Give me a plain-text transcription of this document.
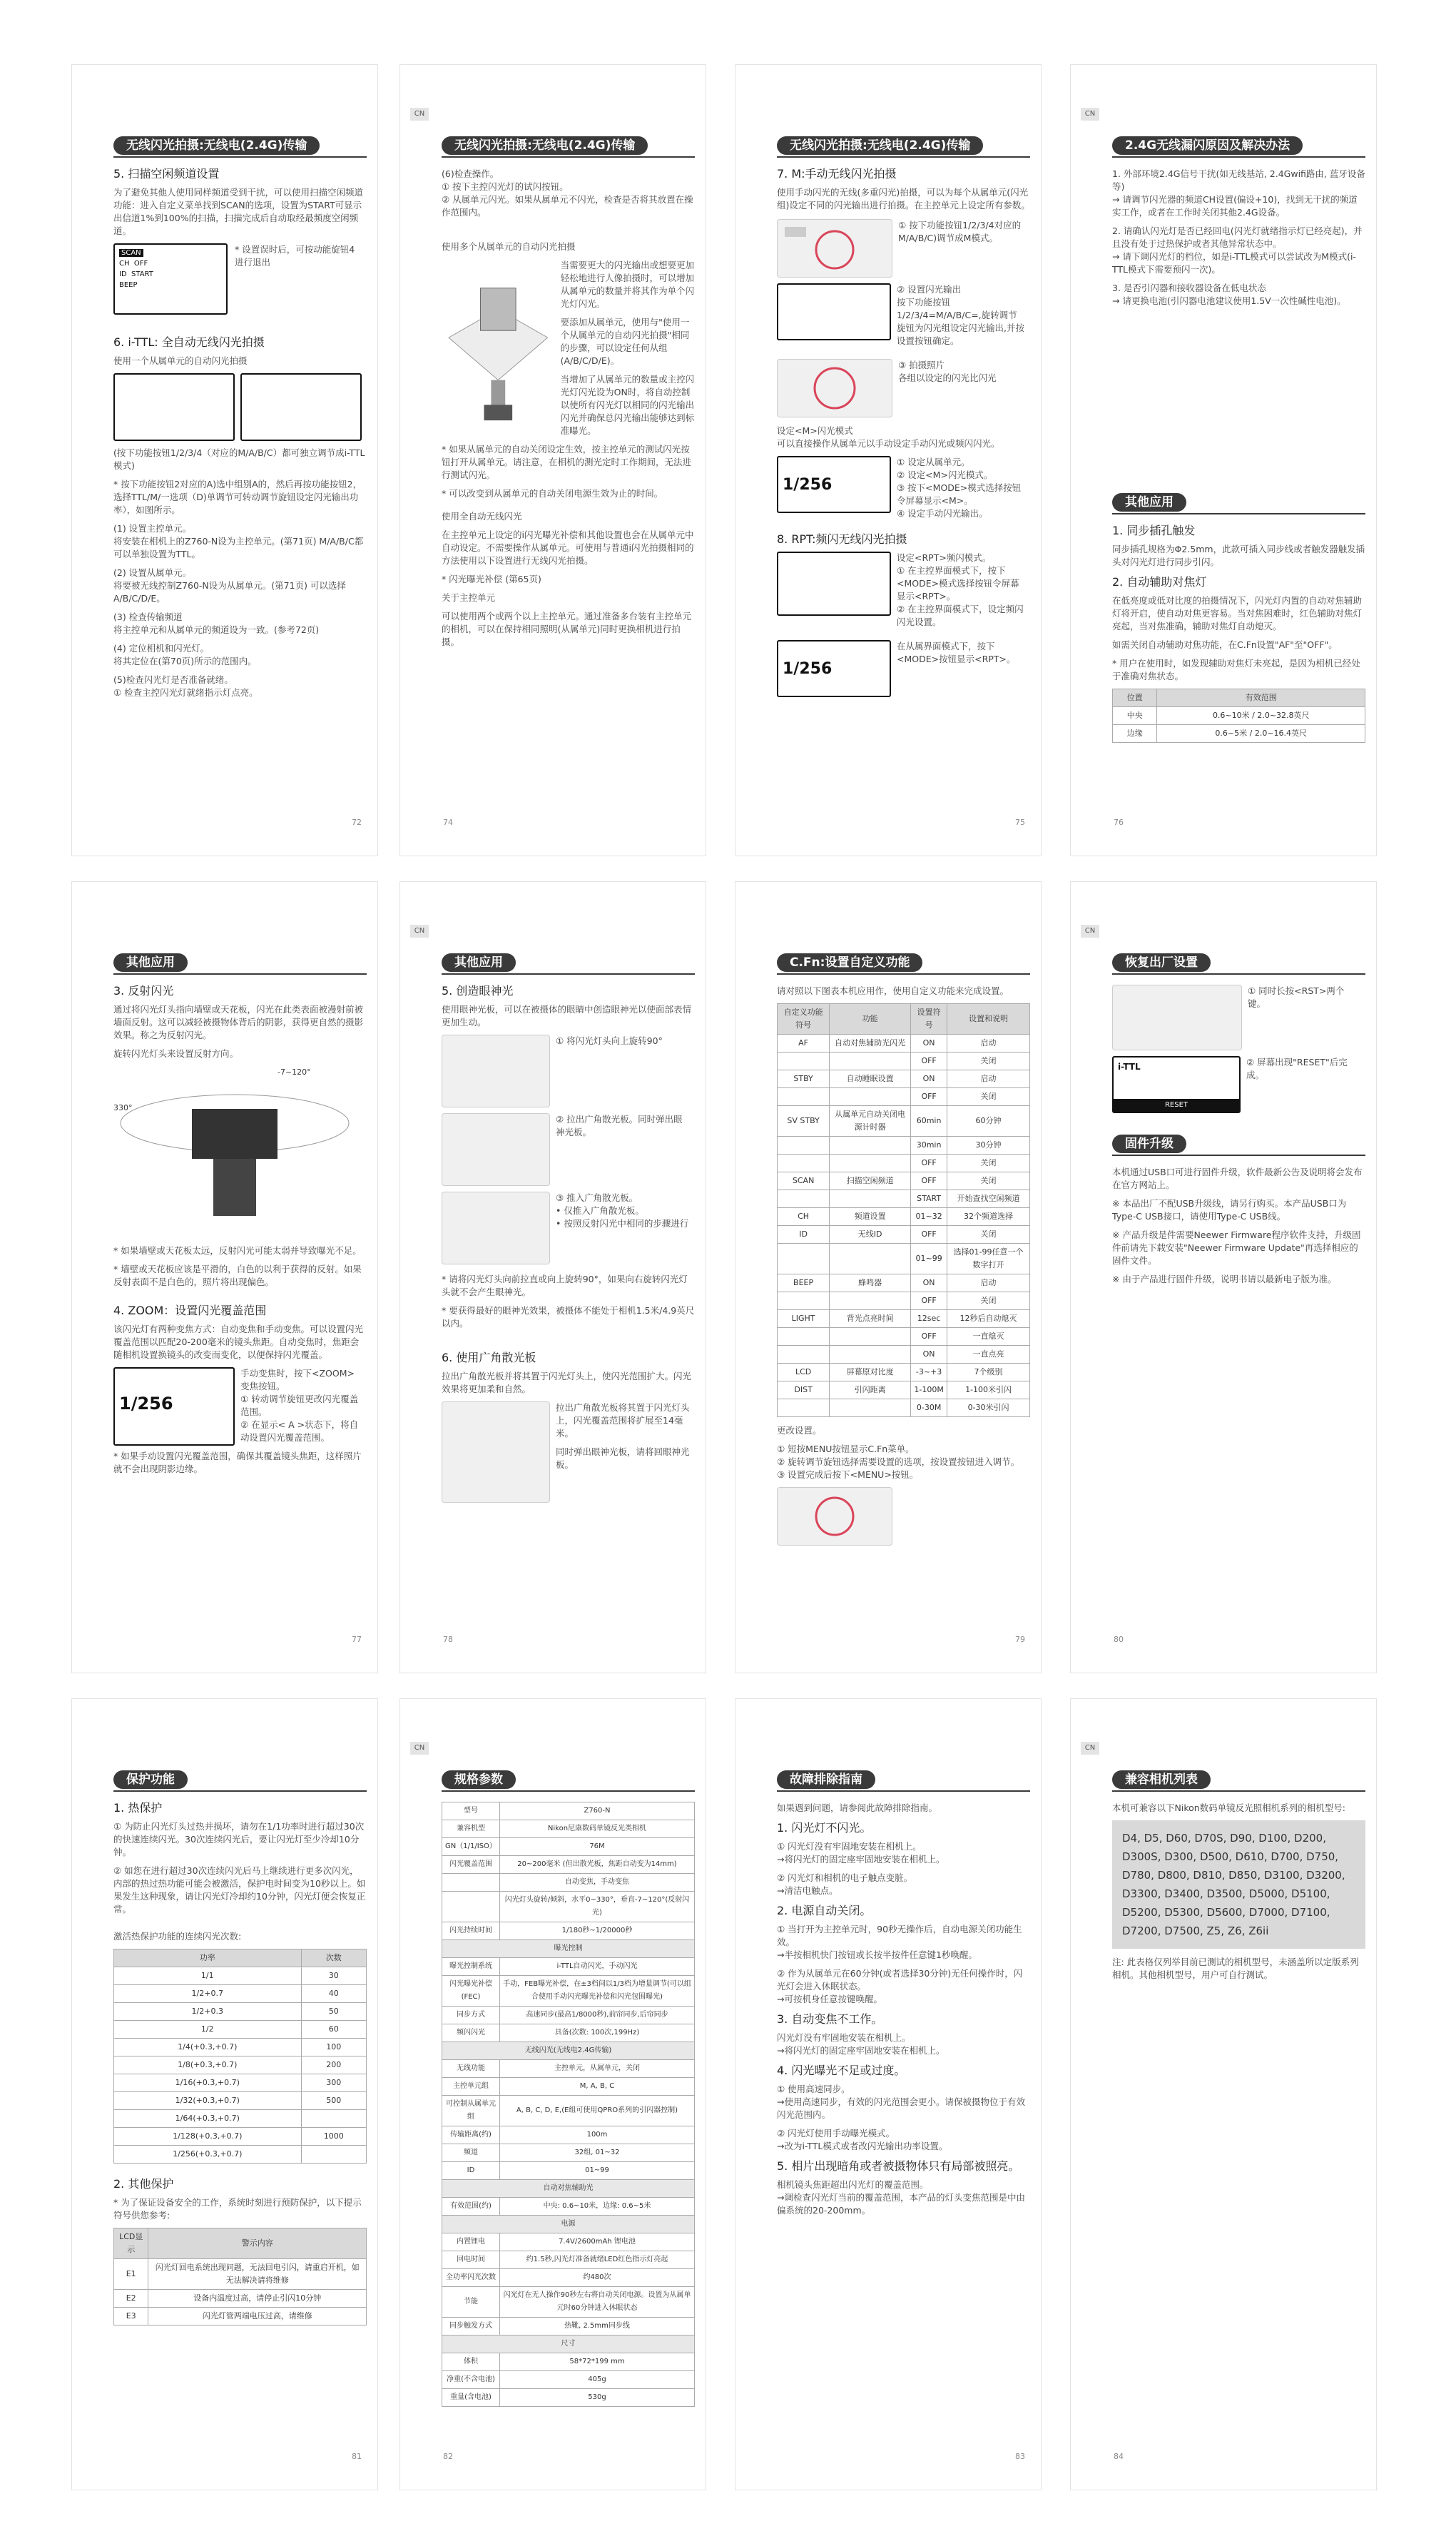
无线闪光拍摄:无线电(2.4G)传输
5. 扫描空闲频道设置

为了避免其他人使用同样频道受到干扰，可以使用扫描空闲频道功能：进入自定义菜单找到SCAN的选项，设置为START可显示出信道1%到100%的扫描，扫描完成后自动取经最频度空闲频道。

SCAN
CH OFF
ID START
BEEP

* 设置误时后，可按动能旋钮4进行退出

6. i-TTL: 全自动无线闪光拍摄

使用一个从属单元的自动闪光拍摄

(按下功能按钮1/2/3/4（对应的M/A/B/C）都可独立调节成i-TTL模式)

* 按下功能按钮2对应的A)选中组别A的，然后再按功能按钮2，选择TTL/M/一选项（D)单调节可转动调节旋钮设定闪光输出功率），如图所示。

(1) 设置主控单元。

将安装在相机上的Z760-N设为主控单元。(第71页) M/A/B/C都可以单独设置为TTL。

(2) 设置从属单元。

将要被无线控制Z760-N设为从属单元。(第71页) 可以选择A/B/C/D/E。

(3) 检查传输频道

将主控单元和从属单元的频道设为一致。(参考72页)

(4) 定位相机和闪光灯。

将其定位在(第70页)所示的范围内。

(5)检查闪光灯是否准备就绪。

① 检查主控闪光灯就绪指示灯点亮。

72
CN
无线闪光拍摄:无线电(2.4G)传输

(6)检查操作。

① 按下主控闪光灯的试闪按钮。

② 从属单元闪光。如果从属单元不闪光，检查是否将其放置在操作范围内。

使用多个从属单元的自动闪光拍摄

当需要更大的闪光输出或想要更加轻松地进行人像拍摄时，可以增加从属单元的数量并将其作为单个闪光灯闪光。

要添加从属单元，使用与"使用一个从属单元的自动闪光拍摄"相同的步骤，可以设定任何从组(A/B/C/D/E)。

当增加了从属单元的数量或主控闪光灯闪光设为ON时，将自动控制以使所有闪光灯以相同的闪光输出闪光并确保总闪光输出能够达到标准曝光。

* 如果从属单元的自动关闭设定生效，按主控单元的测试闪光按钮打开从属单元。请注意，在相机的测光定时工作期间，无法进行测试闪光。

* 可以改变到从属单元的自动关闭电源生效为止的时间。

使用全自动无线闪光

在主控单元上设定的i闪光曝光补偿和其他设置也会在从属单元中自动设定。不需要操作从属单元。可使用与普通i闪光拍摄相同的方法使用以下设置进行无线闪光拍摄。

* 闪光曝光补偿 (第65页)

关于主控单元

可以使用两个或两个以上主控单元。通过准备多台装有主控单元的相机，可以在保持相同照明(从属单元)同时更换相机进行拍摄。

74
无线闪光拍摄:无线电(2.4G)传输
7. M:手动无线闪光拍摄

使用手动闪光的无线(多重闪光)拍摄，可以为每个从属单元(闪光组)设定不同的闪光输出进行拍摄。在主控单元上设定所有参数。

① 按下功能按钮1/2/3/4对应的M/A/B/C)调节成M模式。

② 设置闪光输出

按下功能按钮1/2/3/4=M/A/B/C=,旋转调节旋钮为闪光组设定闪光输出,并按设置按钮确定。

③ 拍摄照片

各组以设定的闪光比闪光

设定<M>闪光模式

可以直接操作从属单元以手动设定手动闪光或频闪闪光。

1/256

① 设定从属单元。

② 设定<M>闪光模式。

③ 按下<MODE>模式选择按钮令屏幕显示<M>。

④ 设定手动闪光输出。

8. RPT:频闪无线闪光拍摄

设定<RPT>频闪模式。

① 在主控界面模式下，按下<MODE>模式选择按钮令屏幕显示<RPT>。

② 在主控界面模式下，设定频闪闪光设置。

1/256

在从属界面模式下，按下<MODE>按钮显示<RPT>。

75
CN
2.4G无线漏闪原因及解决办法

1. 外部环境2.4G信号干扰(如无线基站, 2.4Gwifi路由, 蓝牙设备等)

→ 请调节闪光器的频道CH设置(偏设+10)，找到无干扰的频道实工作，或者在工作时关闭其他2.4G设备。

2. 请确认闪光灯是否已经回电(闪光灯就绪指示灯已经亮起)，并且没有处于过热保护或者其他异常状态中。

→ 请下调闪光灯的档位，如是i-TTL模式可以尝试改为M模式(i-TTL模式下需要预闪一次)。

3. 是否引闪器和接收器设备在低电状态

→ 请更换电池(引闪器电池建议使用1.5V一次性碱性电池)。

其他应用
1. 同步插孔触发

同步插孔规格为Φ2.5mm，此款可插入同步线或者触发器触发插头对闪光灯进行同步引闪。

2. 自动辅助对焦灯

在低亮度或低对比度的拍摄情况下，闪光灯内置的自动对焦辅助灯将开启，使自动对焦更容易。当对焦困难时，红色辅助对焦灯亮起，当对焦准确，辅助对焦灯自动熄灭。

如需关闭自动辅助对焦功能，在C.Fn设置"AF"至"OFF"。

* 用户在使用时，如发现辅助对焦灯未亮起，是因为相机已经处于准确对焦状态。

位置	有效范围
中央	0.6~10米 / 2.0~32.8英尺
边缘	0.6~5米 / 2.0~16.4英尺
76
其他应用
3. 反射闪光

通过将闪光灯头指向墙壁或天花板，闪光在此类表面被漫射前被墙面反射。这可以减轻被摄物体背后的阴影，获得更自然的摄影效果。称之为反射闪光。

旋转闪光灯头来设置反射方向。

330°
-7~120°

* 如果墙壁或天花板太远，反射闪光可能太弱并导致曝光不足。

* 墙壁或天花板应该是平滑的，白色的以利于获得的反射。如果反射表面不是白色的，照片将出现偏色。

4. ZOOM：设置闪光覆盖范围

该闪光灯有两种变焦方式：自动变焦和手动变焦。可以设置闪光覆盖范围以匹配20-200毫米的镜头焦距。自动变焦时，焦距会随相机设置换镜头的改变而变化，以便保持闪光覆盖。

1/256

手动变焦时，按下<ZOOM>变焦按钮。

① 转动调节旋钮更改闪光覆盖范围。

② 在显示< A >状态下，将自动设置闪光覆盖范围。

* 如果手动设置闪光覆盖范围，确保其覆盖镜头焦距，这样照片就不会出现阴影边缘。

77
CN
其他应用
5. 创造眼神光

使用眼神光板，可以在被摄体的眼睛中创造眼神光以使面部表情更加生动。

① 将闪光灯头向上旋转90°

② 拉出广角散光板。同时弹出眼神光板。

③ 推入广角散光板。

• 仅推入广角散光板。

• 按照反射闪光中相同的步骤进行

* 请将闪光灯头向前拉直或向上旋转90°，如果向右旋转闪光灯头就不会产生眼神光。

* 要获得最好的眼神光效果，被摄体不能处于相机1.5米/4.9英尺以内。

6. 使用广角散光板

拉出广角散光板并将其置于闪光灯头上，使闪光范围扩大。闪光效果将更加柔和自然。

拉出广角散光板将其置于闪光灯头上，闪光覆盖范围将扩展至14毫米。

同时弹出眼神光板，请将回眼神光板。

78
C.Fn:设置自定义功能

请对照以下图表本机应用作，使用自定义功能来完成设置。

自定义功能符号	功能	设置符号	设置和说明
AF	自动对焦辅助光闪光	ON	启动
		OFF	关闭
STBY	自动睡眠设置	ON	启动
		OFF	关闭
SV STBY	从属单元自动关闭电源计时器	60min	60分钟
		30min	30分钟
		OFF	关闭
SCAN	扫描空闲频道	OFF	关闭
		START	开始查找空闲频道
CH	频道设置	01~32	32个频道选择
ID	无线ID	OFF	关闭
		01~99	选择01-99任意一个数字打开
BEEP	蜂鸣器	ON	启动
		OFF	关闭
LIGHT	背光点亮时间	12sec	12秒后自动熄灭
		OFF	一直熄灭
		ON	一直点亮
LCD	屏幕原对比度	-3~+3	7个级别
DIST	引闪距离	1-100M	1-100米引闪
		0-30M	0-30米引闪

更改设置。

① 短按MENU按钮显示C.Fn菜单。

② 旋转调节旋钮选择需要设置的选项，按设置按钮进入调节。

③ 设置完成后按下<MENU>按钮。

79
CN
恢复出厂设置

① 同时长按<RST>两个键。

i-TTL
RESET

② 屏幕出现"RESET"后完成。

固件升级

本机通过USB口可进行固件升级，软件最新公告及说明将会发布在官方网站上。

※ 本品出厂不配USB升级线，请另行购买。本产品USB口为Type-C USB接口，请使用Type-C USB线。

※ 产品升级是件需要Neewer Firmware程序软件支持，升级固件前请先下载安装"Neewer Firmware Update"再选择相应的固件文件。

※ 由于产品进行固件升级，说明书请以最新电子版为准。

80
保护功能
1. 热保护

① 为防止闪光灯头过热并损坏，请勿在1/1功率时进行超过30次的快速连续闪光。30次连续闪光后，要让闪光灯至少冷却10分钟。

② 如您在进行超过30次连续闪光后马上继续进行更多次闪光，内部的热过热功能可能会被激活，保护电时间变为10秒以上。如果发生这种现象，请让闪光灯冷却约10分钟，闪光灯便会恢复正常。

激活热保护功能的连续闪光次数:

功率	次数
1/1	30
1/2+0.7	40
1/2+0.3	50
1/2	60
1/4(+0.3,+0.7)	100
1/8(+0.3,+0.7)	200
1/16(+0.3,+0.7)	300
1/32(+0.3,+0.7)	500
1/64(+0.3,+0.7)	
1/128(+0.3,+0.7)	1000
1/256(+0.3,+0.7)	
2. 其他保护

* 为了保证设备安全的工作，系统时刻进行预防保护，以下提示符号供您参考:

LCD显示	警示内容
E1	闪光灯回电系统出现问题，无法回电引闪，请重启开机，如无法解决请将维修
E2	设备内温度过高，请停止引闪10分钟
E3	闪光灯管两端电压过高，请维修
81
CN
规格参数
型号	Z760-N
兼容机型	Nikon尼康数码单镜反光类相机
GN（1/1/ISO）	76M
闪光覆盖范围	20~200毫米 (但出散光板，焦距自动变为14mm)
	自动变焦，手动变焦
	闪光灯头旋转/倾斜，水平0~330°，垂直-7~120°(反射闪光)
闪光持续时间	1/180秒~1/20000秒
曝光控制	
曝光控制系统	i-TTL自动闪光，手动闪光
闪光曝光补偿(FEC)	手动，FEB曝光补偿，在±3档间以1/3档为增量调节(可以组合使用手动闪光曝光补偿和闪光包围曝光)
同步方式	高速同步(最高1/8000秒),前帘同步,后帘同步
频闪闪光	具备(次数: 100次,199Hz)
无线闪光(无线电2.4G传输)	
无线功能	主控单元，从属单元，关闭
主控单元组	M, A, B, C
可控制从属单元组	A, B, C, D, E,(E组可使用QPRO系列的引闪器控制)
传输距离(约)	100m
频道	32组, 01~32
ID	01~99
自动对焦辅助光	
有效范围(约)	中央: 0.6~10米，边缘: 0.6~5米
电源	
内置锂电	7.4V/2600mAh 锂电池
回电时间	约1.5秒,闪光灯准备就绪LED红色指示灯亮起
全功率闪光次数	约480次
节能	闪光灯在无人操作90秒左右将自动关闭电源。设置为从属单元时60分钟进入休眠状态
同步触发方式	热靴, 2.5mm同步线
尺寸	
体积	58*72*199 mm
净重(不含电池)	405g
重量(含电池)	530g
82
故障排除指南

如果遇到问题，请参阅此故障排除指南。

1. 闪光灯不闪光。

① 闪光灯没有牢固地安装在相机上。
→将闪光灯的固定座牢固地安装在相机上。

② 闪光灯和相机的电子触点变脏。
→清洁电触点。

2. 电源自动关闭。

① 当打开为主控单元时，90秒无操作后，自动电源关闭功能生效。
→半按相机快门按钮或长按半按件任意键1秒唤醒。

② 作为从属单元在60分钟(或者选择30分钟)无任何操作时，闪光灯会进入休眠状态。
→可按机身任意按键唤醒。

3. 自动变焦不工作。

闪光灯没有牢固地安装在相机上。
→将闪光灯的固定座牢固地安装在相机上。

4. 闪光曝光不足或过度。

① 使用高速同步。
→使用高速同步，有效的闪光范围会更小。请保被摄物位于有效闪光范围内。

② 闪光灯使用手动曝光模式。
→改为i-TTL模式或者改闪光输出功率设置。

5. 相片出现暗角或者被摄物体只有局部被照亮。

相机镜头焦距超出闪光灯的覆盖范围。
→调检查闪光灯当前的覆盖范围，本产品的灯头变焦范围是中由偏系统的20-200mm。

83
CN
兼容相机列表

本机可兼容以下Nikon数码单镜反光照相机系列的相机型号:

D4, D5, D60, D70S, D90, D100, D200, D300S, D300, D500, D610, D700, D750, D780, D800, D810, D850, D3100, D3200, D3300, D3400, D3500, D5000, D5100, D5200, D5300, D5600, D7000, D7100, D7200, D7500, Z5, Z6, Z6ii

注: 此表格仅列举目前已测试的相机型号，未涵盖所以定版系列相机。其他相机型号，用户可自行测试。

84
